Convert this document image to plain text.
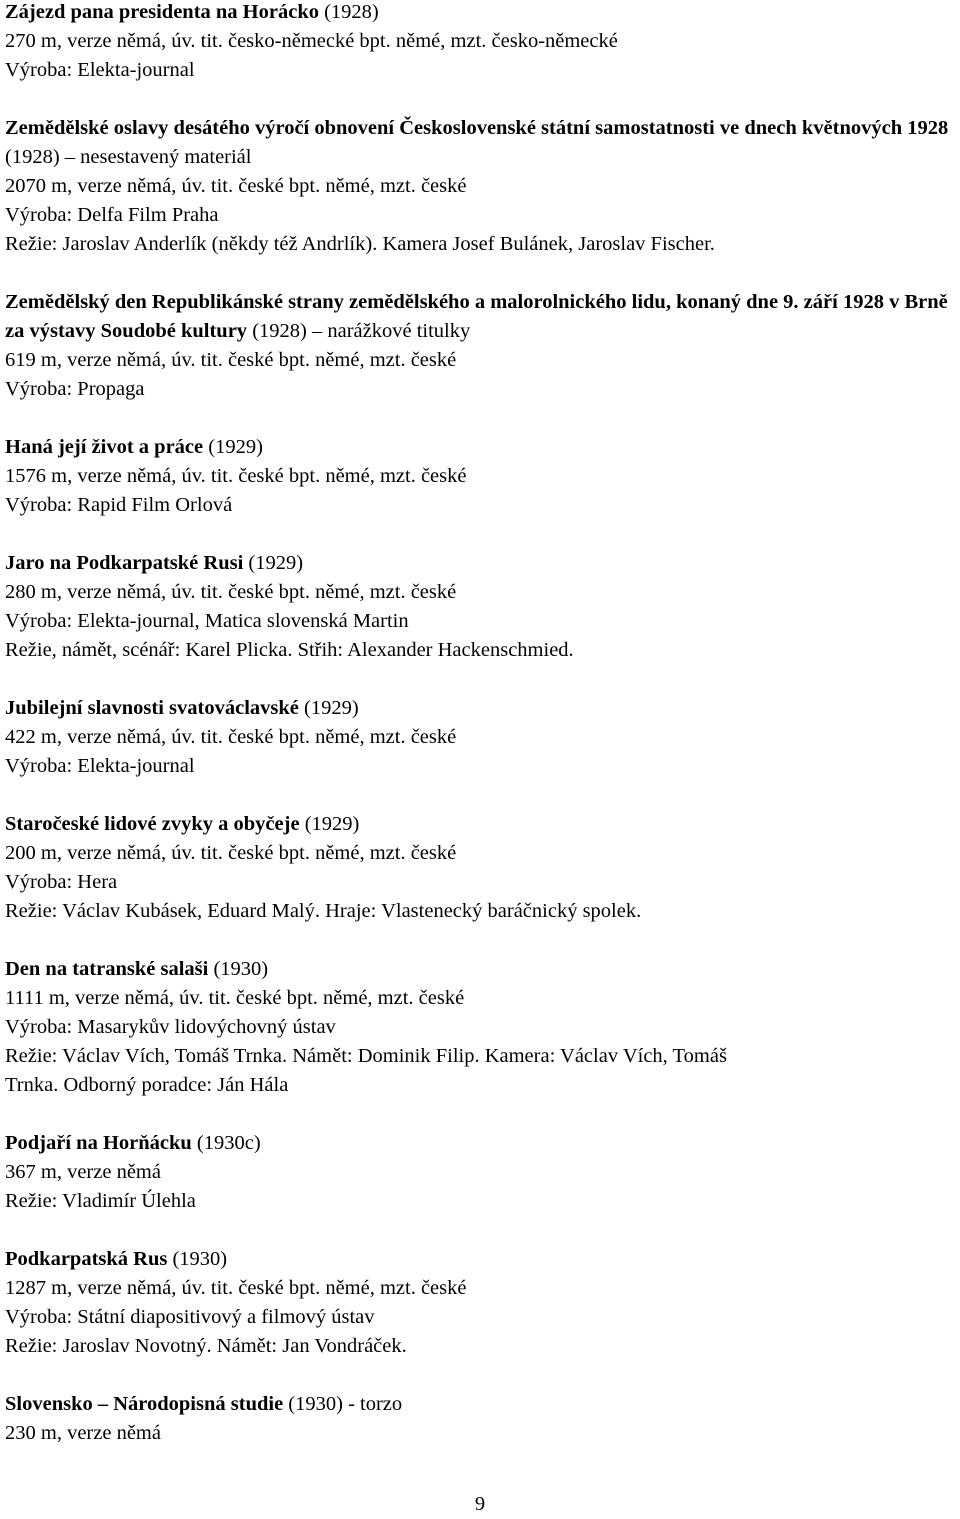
Zájezd pana presidenta na Horácko (1928)
270 m, verze němá, úv. tit. česko-německé bpt. němé, mzt. česko-německé
Výroba: Elekta-journal
Zemědělské oslavy desátého výročí obnovení Československé státní samostatnosti ve dnech květnových 1928 (1928) – nesestavený materiál
2070 m, verze němá, úv. tit. české bpt. němé, mzt. české
Výroba: Delfa Film Praha
Režie: Jaroslav Anderlík (někdy též Andrlík). Kamera Josef Bulánek, Jaroslav Fischer.
Zemědělský den Republikánské strany zemědělského a malorolnického lidu, konaný dne 9. září 1928 v Brně za výstavy Soudobé kultury (1928) – narážkové titulky
619 m, verze němá, úv. tit. české bpt. němé, mzt. české
Výroba: Propaga
Haná její život a práce (1929)
1576 m, verze němá, úv. tit. české bpt. němé, mzt. české
Výroba: Rapid Film Orlová
Jaro na Podkarpatské Rusi (1929)
280 m, verze němá, úv. tit. české bpt. němé, mzt. české
Výroba: Elekta-journal, Matica slovenská Martin
Režie, námět, scénář: Karel Plicka. Střih: Alexander Hackenschmied.
Jubilejní slavnosti svatováclavské (1929)
422 m, verze němá, úv. tit. české bpt. němé, mzt. české
Výroba: Elekta-journal
Staročeské lidové zvyky a obyčeje (1929)
200 m, verze němá, úv. tit. české bpt. němé, mzt. české
Výroba: Hera
Režie: Václav Kubásek, Eduard Malý. Hraje: Vlastenecký baráčnický spolek.
Den na tatranské salaši (1930)
1111 m, verze němá, úv. tit. české bpt. němé, mzt. české
Výroba: Masarykův lidovýchovný ústav
Režie: Václav Vích, Tomáš Trnka. Námět: Dominik Filip. Kamera: Václav Vích, Tomáš
Trnka. Odborný poradce: Ján Hála
Podjaří na Horňácku (1930c)
367 m, verze němá
Režie: Vladimír Úlehla
Podkarpatská Rus (1930)
1287 m, verze němá, úv. tit. české bpt. němé, mzt. české
Výroba: Státní diapositivový a filmový ústav
Režie: Jaroslav Novotný. Námět: Jan Vondráček.
Slovensko – Národopisná studie (1930) - torzo
230 m, verze němá
9
